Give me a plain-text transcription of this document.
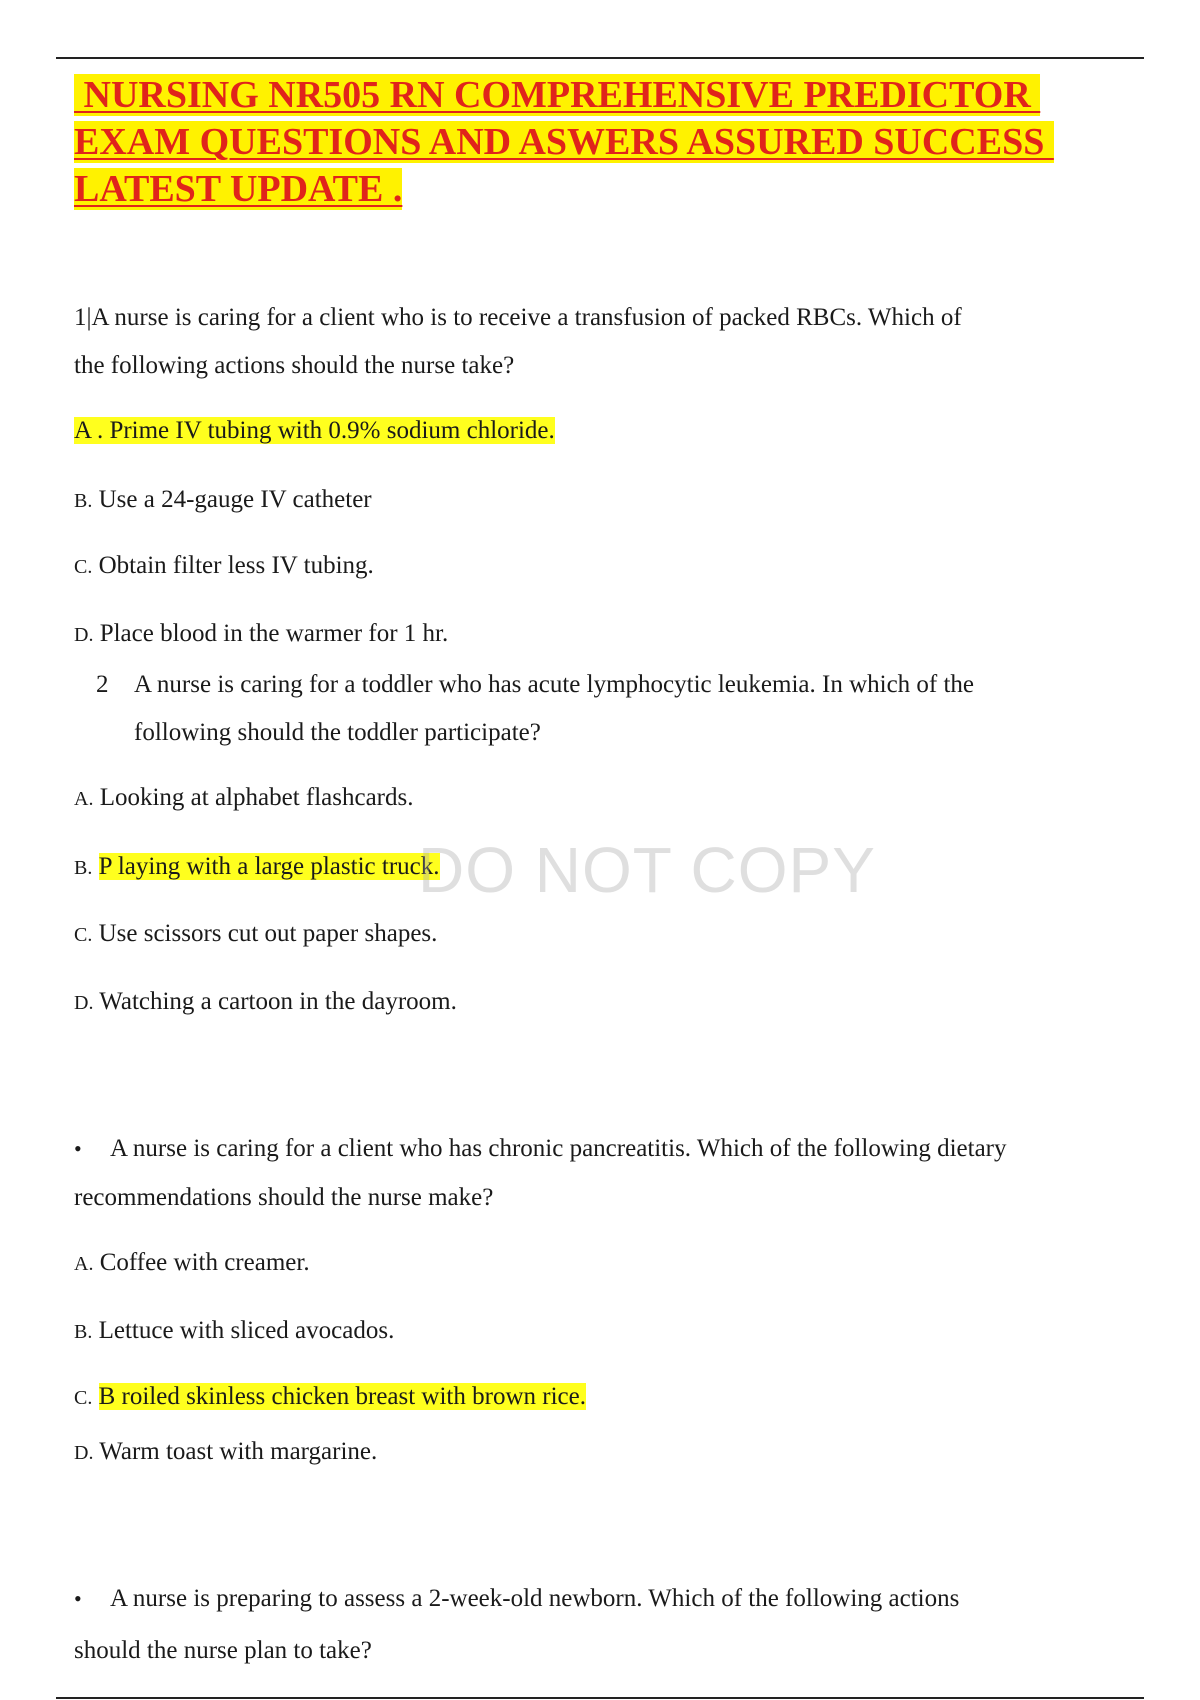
NURSING NR505 RN COMPREHENSIVE PREDICTOR
EXAM QUESTIONS AND ASWERS ASSURED SUCCESS
LATEST UPDATE .

1|A nurse is caring for a client who is to receive a transfusion of packed RBCs. Which of

the following actions should the nurse take?

A . Prime IV tubing with 0.9% sodium chloride.

B. Use a 24-gauge IV catheter

C. Obtain filter less IV tubing.

D. Place blood in the warmer for 1 hr.

2 A nurse is caring for a toddler who has acute lymphocytic leukemia. In which of the

following should the toddler participate?

A. Looking at alphabet flashcards.

B. P laying with a large plastic truck.

C. Use scissors cut out paper shapes.

D. Watching a cartoon in the dayroom.

• A nurse is caring for a client who has chronic pancreatitis. Which of the following dietary

recommendations should the nurse make?

A. Coffee with creamer.

B. Lettuce with sliced avocados.

C. B roiled skinless chicken breast with brown rice.

D. Warm toast with margarine.

• A nurse is preparing to assess a 2-week-old newborn. Which of the following actions

should the nurse plan to take?

DO NOT COPY
